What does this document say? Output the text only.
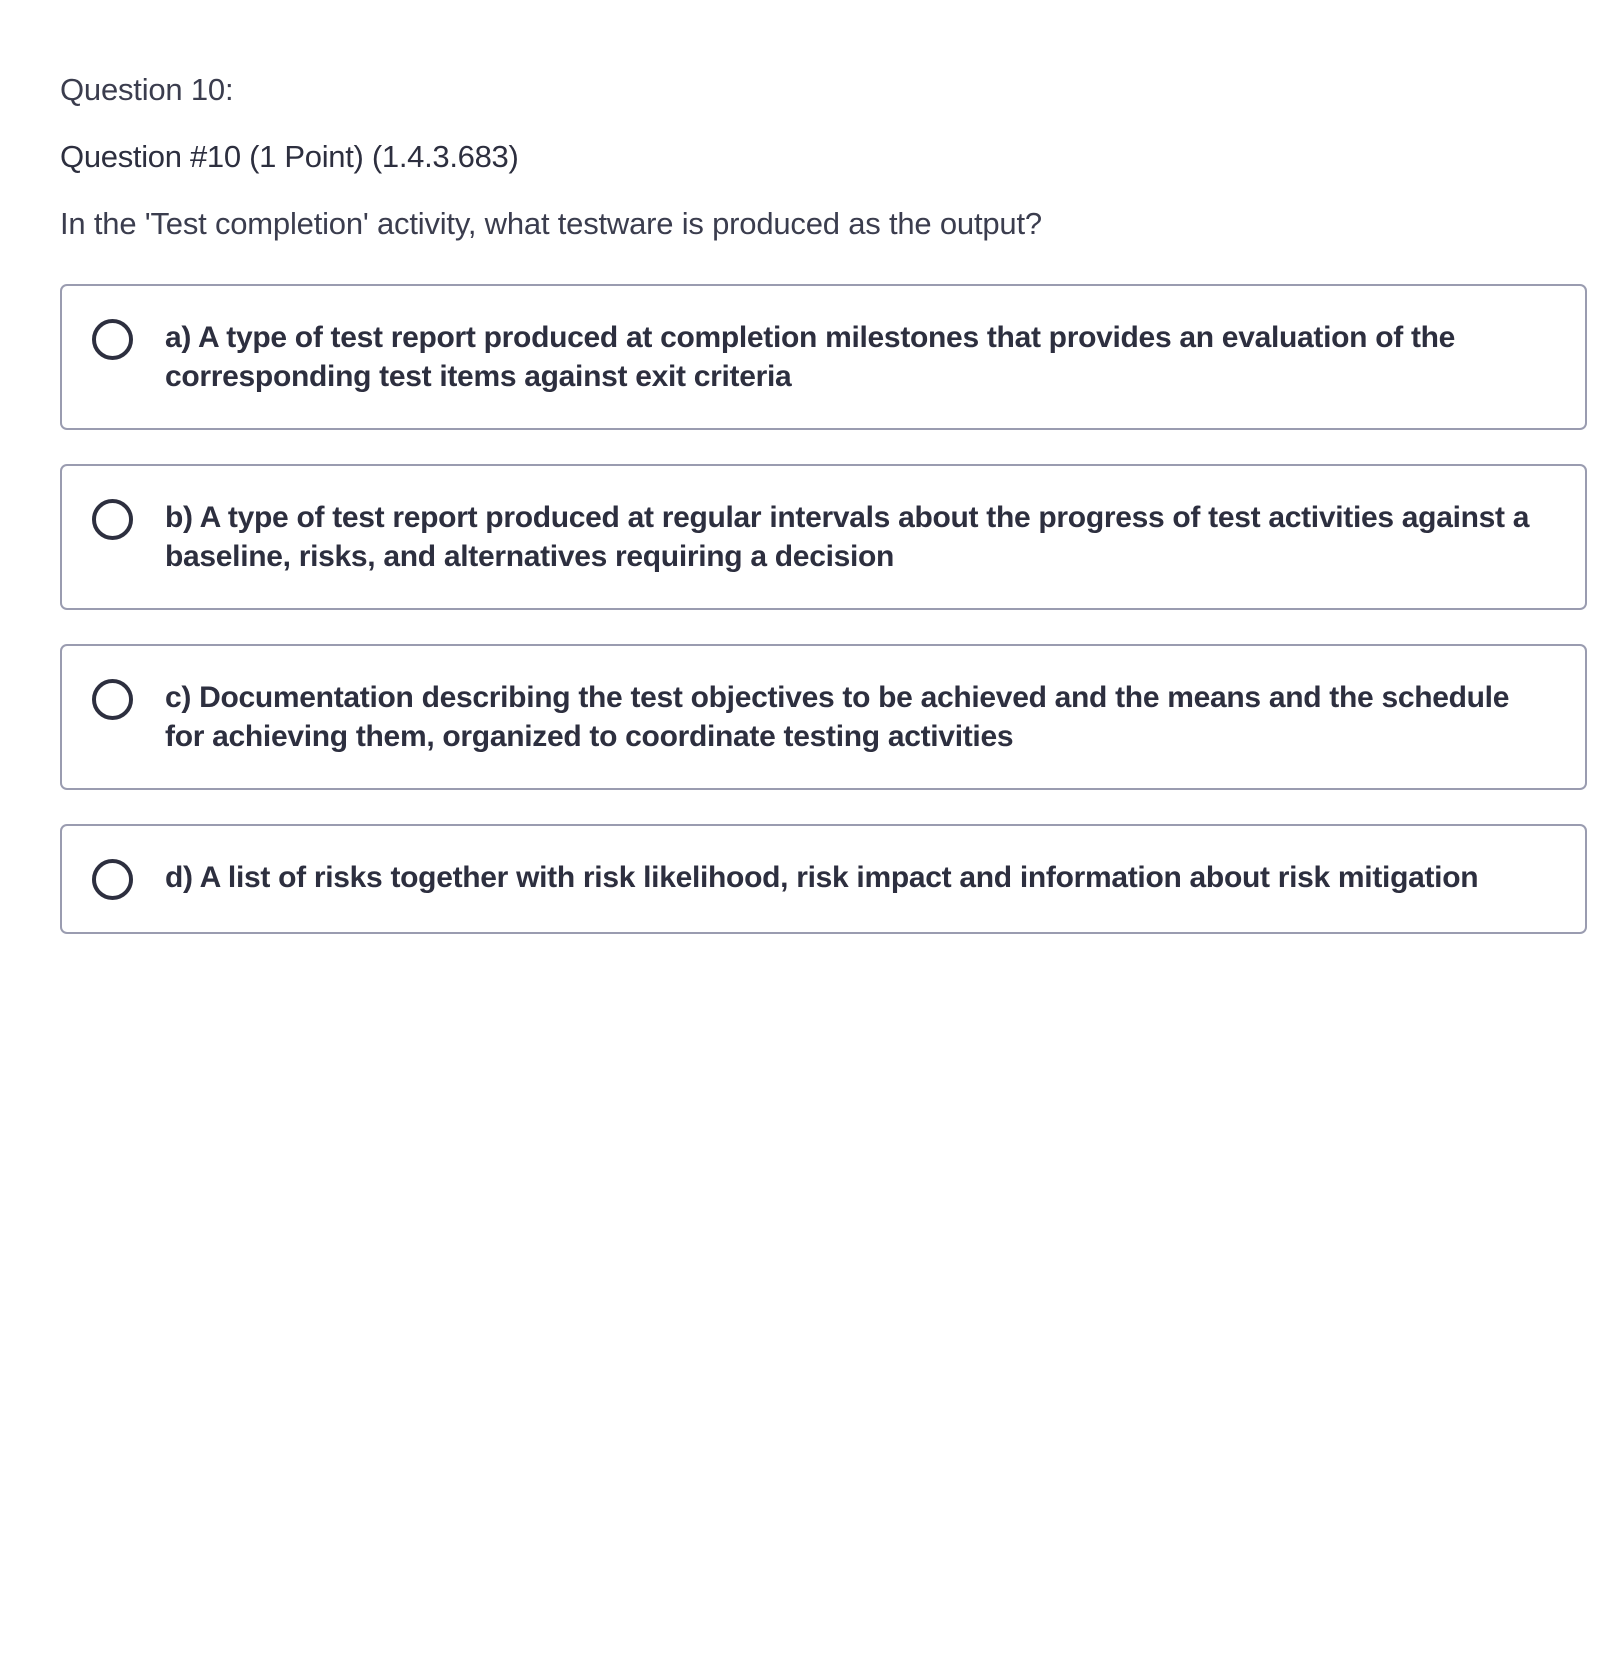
Question 10:
Question #10 (1 Point) (1.4.3.683)
In the 'Test completion' activity, what testware is produced as the output?
a) A type of test report produced at completion milestones that provides an evaluation of the corresponding test items against exit criteria
b) A type of test report produced at regular intervals about the progress of test activities against a baseline, risks, and alternatives requiring a decision
c) Documentation describing the test objectives to be achieved and the means and the schedule for achieving them, organized to coordinate testing activities
d) A list of risks together with risk likelihood, risk impact and information about risk mitigation
